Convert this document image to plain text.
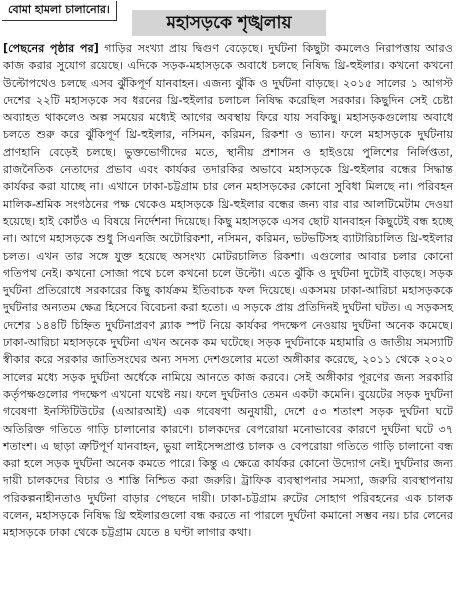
বোমা হামলা চালানোর।
মহাসড়কে শৃঙ্খলায়
[পেছনের পৃষ্ঠার পর] গাড়ির সংখ্যা প্রায় দ্বিগুণ বেড়েছে। দুর্ঘটনা কিছুটা কমলেও নিরাপত্তায় আরও কাজ করার সুযোগ রয়েছে। এদিকে সড়ক-মহাসড়কে অবাধে চলছে নিষিদ্ধ থ্রি-হুইলার। কখনো কখনো উল্টোপথেও চলছে এসব ঝুঁকিপূর্ণ যানবাহন। এজন্য ঝুঁকি ও দুর্ঘটনা বাড়ছে। ২০১৫ সালের ১ আগস্ট দেশের ২২টি মহাসড়কে সব ধরনের থ্রি-হুইলার চলাচল নিষিদ্ধ করেছিল সরকার। কিছুদিন সেই চেষ্টা অব্যাহত থাকলেও অল্প সময়ের মধ্যেই আগের অবস্থায় ফিরে যায় সবকিছু। মহাসড়কগুলোয় অবাধে চলতে শুরু করে ঝুঁকিপূর্ণ থ্রি-হুইলার, নসিমন, করিমন, রিকশা ও ভ্যান। ফলে মহাসড়কে দুর্ঘটনায় প্রাণহানি বেড়েই চলছে। ভুক্তভোগীদের মতে, স্থানীয় প্রশাসন ও হাইওয়ে পুলিশের নির্লিপ্ততা, রাজনৈতিক নেতাদের প্রভাব এবং কার্যকর তদারকির অভাবে মহাসড়কে থ্রি-হুইলার বন্ধের সিদ্ধান্ত কার্যকর করা যাচ্ছে না। এখানে ঢাকা-চট্টগ্রাম চার লেন মহাসড়কের কোনো সুবিধা মিলছে না। পরিবহন মালিক-শ্রমিক সংগঠনের পক্ষ থেকেও মহাসড়কে থ্রি-হুইলার বন্ধের জন্য বার বার আলটিমেটাম দেওয়া হয়েছে। হাই কোর্টও এ বিষয়ে নির্দেশনা দিয়েছে। কিছু মহাসড়কে এসব ছোট যানবাহন কিছুটেই বন্ধ হচ্ছে না। আগে মহাসড়কে শুধু সিএনজি অটোরিকশা, নসিমন, করিমন, ভটভটিসহ ব্যাটারিচালিত থ্রি-হুইলার চলত। এখন তার সঙ্গে যুক্ত হয়েছে অসংখ্য মোটরচালিত রিকশা। এগুলোর আবার চলার কোনো গতিপথ নেই। কখনো সোজা পথে চলে কখনো চলে উল্টো। এতে ঝুঁকি ও দুর্ঘটনা দুটোই বাড়ছে। সড়ক দুর্ঘটনা প্রতিরোধে সরকারের কিছু কার্যক্রম ইতিবাচক ফল দিয়েছে। একসময় ঢাকা-আরিচা মহাসড়ককে দুর্ঘটনার অন্যতম ক্ষেত্র হিসেবে বিবেচনা করা হতো। এ সড়কে প্রায় প্রতিদিনই দুর্ঘটনা ঘটত। এ সড়কসহ দেশের ১৪৪টি চিহ্নিত দুর্ঘটনাপ্রবণ ব্ল্যাক স্পট নিয়ে কার্যকর পদক্ষেপ নেওয়ায় দুর্ঘটনা অনেক কমেছে। ঢাকা-আরিচা মহাসড়কে দুর্ঘটনা এখন অনেক কম ঘটেছে। সড়ক দুর্ঘটনাকে মহামারি ও জাতীয় সমস্যাটি স্বীকার করে সরকার জাতিসংঘের অন্য সদস্য দেশগুলোর মতো অঙ্গীকার করেছে, ২০১১ থেকে ২০২০ সালের মধ্যে সড়ক দুর্ঘটনা অর্ধেকে নামিয়ে আনতে কাজ করবে। সেই অঙ্গীকার পূরণের জন্য সরকারি কর্তৃপক্ষগুলোর পদক্ষেপ এখনো যথেষ্ট নয়। ফলে দুর্ঘটনাও তেমন একটা কমেনি। বুয়েটের সড়ক দুর্ঘটনা গবেষণা ইনস্টিটিউটের (এআরআই) এক গবেষণা অনুযায়ী, দেশে ৫৩ শতাংশ সড়ক দুর্ঘটনা ঘটে অতিরিক্ত গতিতে গাড়ি চালানোর কারণে। চালকদের বেপরোয়া মনোভাবের কারণে দুর্ঘটনা ঘটে ৩৭ শতাংশ। এ ছাড়া ত্রুটিপূর্ণ যানবাহন, ভুয়া লাইসেন্সপ্রাপ্ত চালক ও বেপরোয়া গতিতে গাড়ি চালানো বন্ধ করা হলে সড়ক দুর্ঘটনা অনেক কমতে পারে। কিন্তু এ ক্ষেত্রে কার্যকর কোনো উদ্যোগ নেই। দুর্ঘটনার জন্য দায়ী চালকদের বিচার ও শাস্তি নিশ্চিত করা জরুরি। ট্রাফিক ব্যবস্থাপনার সমস্যা, জরুরি ব্যবস্থাপনায় পরিকল্পনাহীনতাও দুর্ঘটনা বাড়ার পেছনে দায়ী। ঢাকা-চট্টগ্রাম রুটের সোহাগ পরিবহনের এক চালক বলেন, মহাসড়কে নিষিদ্ধ থ্রি হুইলারগুলো বন্ধ করতে না পারলে দুর্ঘটনা কমানো সম্ভব নয়। চার লেনের মহাসড়কে ঢাকা থেকে চট্টগ্রাম যেতে ৪ ঘণ্টা লাগার কথা।
